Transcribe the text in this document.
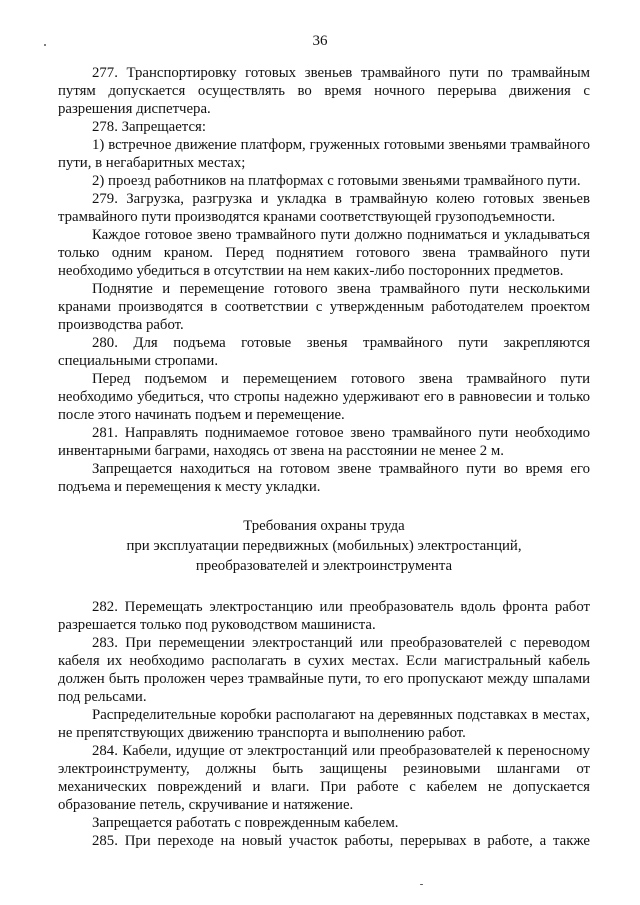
36

277. Транспортировку готовых звеньев трамвайного пути по трамвайным путям допускается осуществлять во время ночного перерыва движения с разрешения диспетчера.

278. Запрещается:

1) встречное движение платформ, груженных готовыми звеньями трамвайного пути, в негабаритных местах;

2) проезд работников на платформах с готовыми звеньями трамвайного пути.

279. Загрузка, разгрузка и укладка в трамвайную колею готовых звеньев трамвайного пути производятся кранами соответствующей грузоподъемности.

Каждое готовое звено трамвайного пути должно подниматься и укладываться только одним краном. Перед поднятием готового звена трамвайного пути необходимо убедиться в отсутствии на нем каких-либо посторонних предметов.

Поднятие и перемещение готового звена трамвайного пути несколькими кранами производятся в соответствии с утвержденным работодателем проектом производства работ.

280. Для подъема готовые звенья трамвайного пути закрепляются специальными стропами.

Перед подъемом и перемещением готового звена трамвайного пути необходимо убедиться, что стропы надежно удерживают его в равновесии и только после этого начинать подъем и перемещение.

281. Направлять поднимаемое готовое звено трамвайного пути необходимо инвентарными баграми, находясь от звена на расстоянии не менее 2 м.

Запрещается находиться на готовом звене трамвайного пути во время его подъема и перемещения к месту укладки.

Требования охраны труда
при эксплуатации передвижных (мобильных) электростанций,
преобразователей и электроинструмента

282. Перемещать электростанцию или преобразователь вдоль фронта работ разрешается только под руководством машиниста.

283. При перемещении электростанций или преобразователей с переводом кабеля их необходимо располагать в сухих местах. Если магистральный кабель должен быть проложен через трамвайные пути, то его пропускают между шпалами под рельсами.

Распределительные коробки располагают на деревянных подставках в местах, не препятствующих движению транспорта и выполнению работ.

284. Кабели, идущие от электростанций или преобразователей к переносному электроинструменту, должны быть защищены резиновыми шлангами от механических повреждений и влаги. При работе с кабелем не допускается образование петель, скручивание и натяжение.

Запрещается работать с поврежденным кабелем.

285. При переходе на новый участок работы, перерывах в работе, а также
